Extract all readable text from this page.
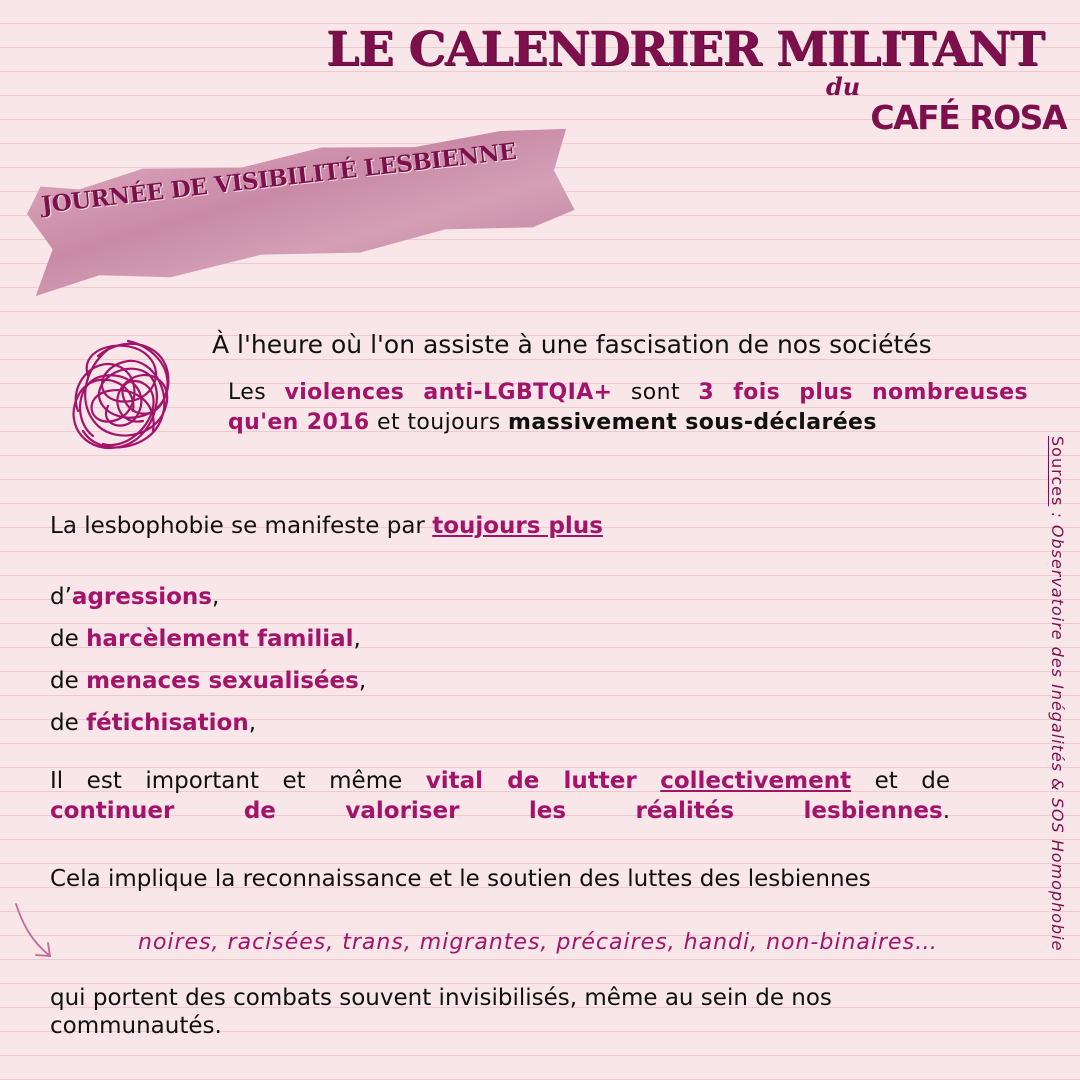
LE CALENDRIER MILITANT
du
CAFÉ ROSA
JOURNÉE DE VISIBILITÉ LESBIENNE
À l'heure où l'on assiste à une fascisation de nos sociétés
Les violences anti-LGBTQIA+ sont 3 fois plus nombreuses qu'en 2016 et toujours massivement sous-déclarées
La lesbophobie se manifeste par toujours plus
d’agressions,
de harcèlement familial,
de menaces sexualisées,
de fétichisation,
Il est important et même vital de lutter collectivement et de
continuer de valoriser les réalités lesbiennes.
Cela implique la reconnaissance et le soutien des luttes des lesbiennes
noires, racisées, trans, migrantes, précaires, handi, non-binaires…
qui portent des combats souvent invisibilisés, même au sein de nos communautés.
Sources : Observatoire des Inégalités & SOS Homophobie
